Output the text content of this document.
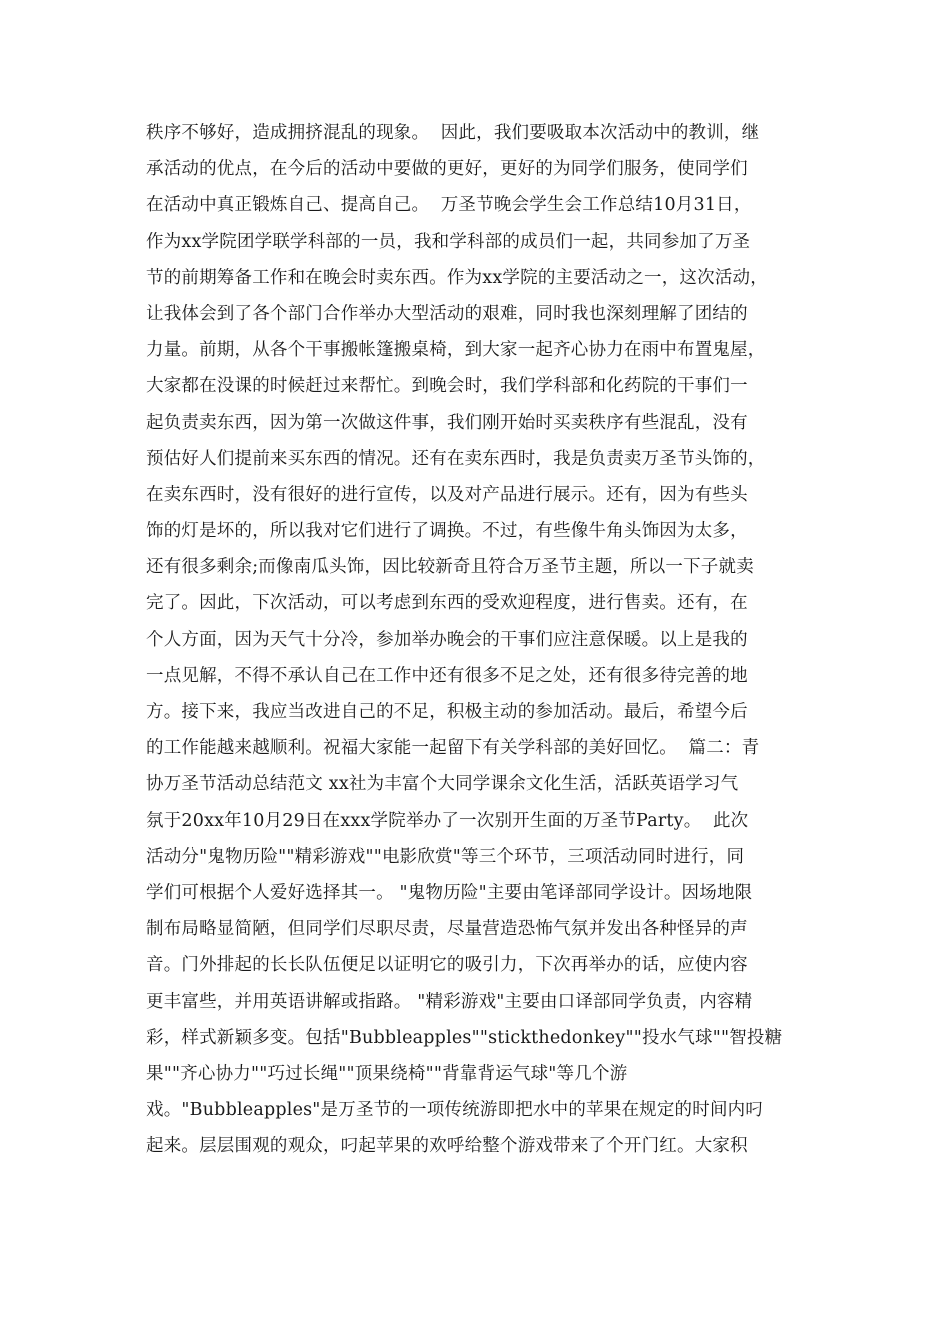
秩序不够好，造成拥挤混乱的现象。  因此，我们要吸取本次活动中的教训，继
承活动的优点，在今后的活动中要做的更好，更好的为同学们服务，使同学们
在活动中真正锻炼自己、提高自己。  万圣节晚会学生会工作总结10月31日，
作为xx学院团学联学科部的一员，我和学科部的成员们一起，共同参加了万圣
节的前期筹备工作和在晚会时卖东西。作为xx学院的主要活动之一，这次活动，
让我体会到了各个部门合作举办大型活动的艰难，同时我也深刻理解了团结的
力量。前期，从各个干事搬帐篷搬桌椅，到大家一起齐心协力在雨中布置鬼屋，
大家都在没课的时候赶过来帮忙。到晚会时，我们学科部和化药院的干事们一
起负责卖东西，因为第一次做这件事，我们刚开始时买卖秩序有些混乱，没有
预估好人们提前来买东西的情况。还有在卖东西时，我是负责卖万圣节头饰的，
在卖东西时，没有很好的进行宣传，以及对产品进行展示。还有，因为有些头
饰的灯是坏的，所以我对它们进行了调换。不过，有些像牛角头饰因为太多，
还有很多剩余;而像南瓜头饰，因比较新奇且符合万圣节主题，所以一下子就卖
完了。因此，下次活动，可以考虑到东西的受欢迎程度，进行售卖。还有，在
个人方面，因为天气十分冷，参加举办晚会的干事们应注意保暖。以上是我的
一点见解，不得不承认自己在工作中还有很多不足之处，还有很多待完善的地
方。接下来，我应当改进自己的不足，积极主动的参加活动。最后，希望今后
的工作能越来越顺利。祝福大家能一起留下有关学科部的美好回忆。  篇二：青
协万圣节活动总结范文 xx社为丰富个大同学课余文化生活，活跃英语学习气
氛于20xx年10月29日在xxx学院举办了一次别开生面的万圣节Party。  此次
活动分"鬼物历险""精彩游戏""电影欣赏"等三个环节，三项活动同时进行，同
学们可根据个人爱好选择其一。 "鬼物历险"主要由笔译部同学设计。因场地限
制布局略显简陋，但同学们尽职尽责，尽量营造恐怖气氛并发出各种怪异的声
音。门外排起的长长队伍便足以证明它的吸引力，下次再举办的话，应使内容
更丰富些，并用英语讲解或指路。 "精彩游戏"主要由口译部同学负责，内容精
彩，样式新颖多变。包括"Bubbleapples""stickthedonkey""投水气球""智投糖
果""齐心协力""巧过长绳""顶果绕椅""背靠背运气球"等几个游
戏。"Bubbleapples"是万圣节的一项传统游即把水中的苹果在规定的时间内叼
起来。层层围观的观众，叼起苹果的欢呼给整个游戏带来了个开门红。大家积
